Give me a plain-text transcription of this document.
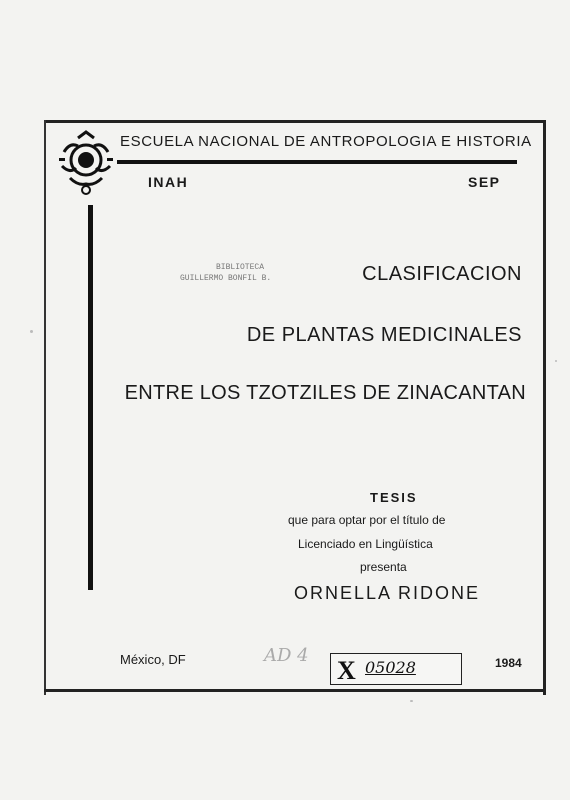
ESCUELA NACIONAL DE ANTROPOLOGIA E HISTORIA
INAH	SEP
BIBLIOTECA
GUILLERMO BONFIL B.	CLASIFICACION
DE PLANTAS MEDICINALES
ENTRE LOS TZOTZILES DE ZINACANTAN
TESIS
que para optar por el título de
Licenciado en Lingüística
presenta
ORNELLA RIDONE
México, DF	AD 4
X 05028	1984
